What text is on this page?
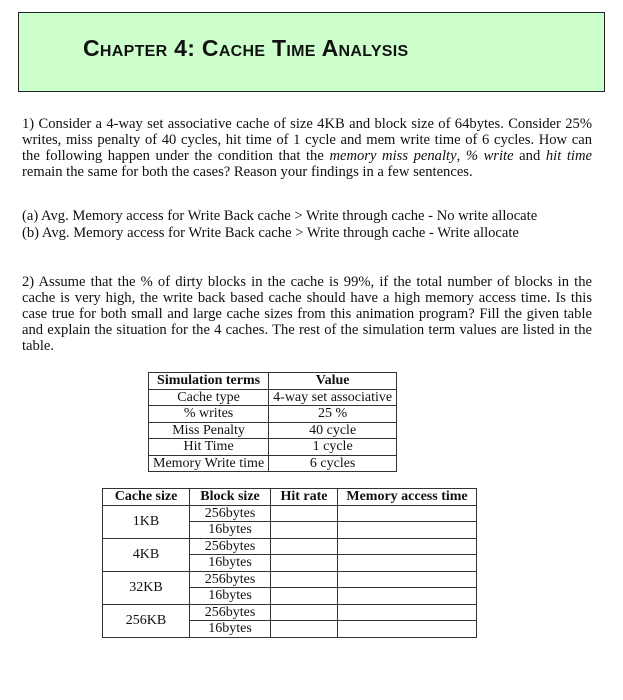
Chapter 4: Cache Time Analysis

1) Consider a 4-way set associative cache of size 4KB and block size of 64bytes. Consider 25% writes, miss penalty of 40 cycles, hit time of 1 cycle and mem write time of 6 cycles. How can the following happen under the condition that the memory miss penalty, % write and hit time remain the same for both the cases? Reason your findings in a few sentences.

(a) Avg. Memory access for Write Back cache > Write through cache - No write allocate
(b) Avg. Memory access for Write Back cache > Write through cache - Write allocate

2) Assume that the % of dirty blocks in the cache is 99%, if the total number of blocks in the cache is very high, the write back based cache should have a high memory access time. Is this case true for both small and large cache sizes from this animation program? Fill the given table and explain the situation for the 4 caches. The rest of the simulation term values are listed in the table.

Simulation terms	Value
Cache type	4-way set associative
% writes	25 %
Miss Penalty	40 cycle
Hit Time	1 cycle
Memory Write time	6 cycles
Cache size	Block size	Hit rate	Memory access time
1KB	256bytes		
	16bytes		
4KB	256bytes		
	16bytes		
32KB	256bytes		
	16bytes		
256KB	256bytes		
	16bytes		
